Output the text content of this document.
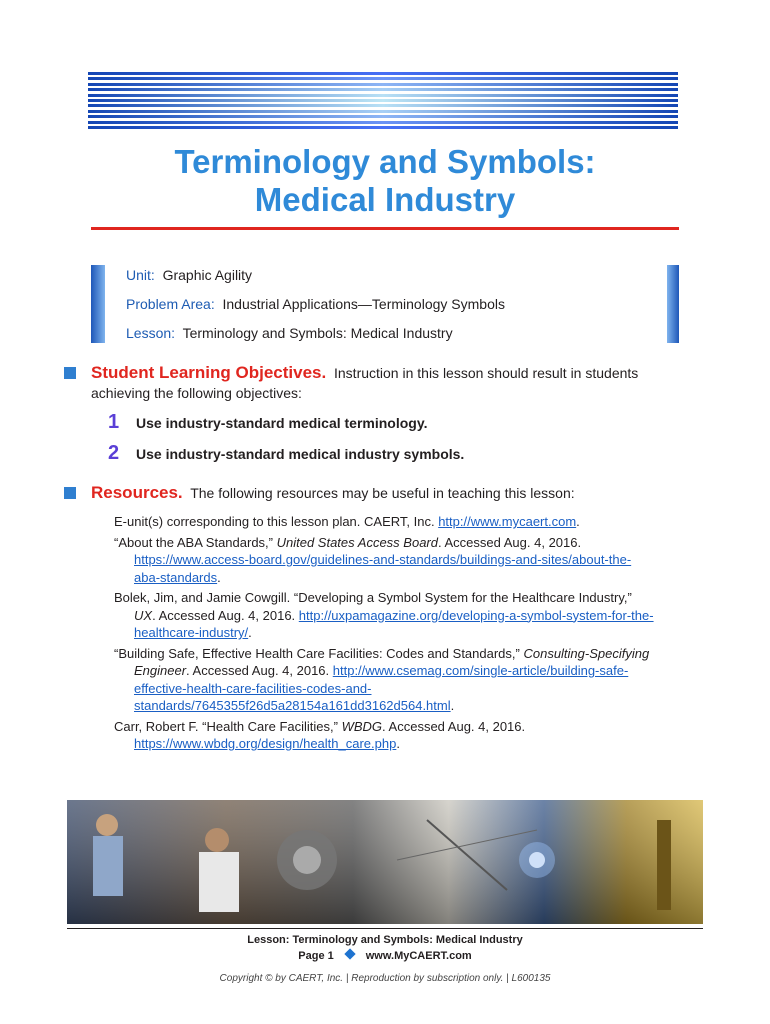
Terminology and Symbols:
Medical Industry
Unit: Graphic Agility
Problem Area: Industrial Applications—Terminology Symbols
Lesson: Terminology and Symbols: Medical Industry
Student Learning Objectives. Instruction in this lesson should result in students
achieving the following objectives:
1 Use industry-standard medical terminology.
2 Use industry-standard medical industry symbols.
Resources. The following resources may be useful in teaching this lesson:
E-unit(s) corresponding to this lesson plan. CAERT, Inc. http://www.mycaert.com.
“About the ABA Standards,” United States Access Board. Accessed Aug. 4, 2016. https://www.access-board.gov/guidelines-and-standards/buildings-and-sites/about-the-aba-standards.
Bolek, Jim, and Jamie Cowgill. “Developing a Symbol System for the Healthcare Industry,” UX. Accessed Aug. 4, 2016. http://uxpamagazine.org/developing-a-symbol-system-for-the-healthcare-industry/.
“Building Safe, Effective Health Care Facilities: Codes and Standards,” Consulting-Specifying Engineer. Accessed Aug. 4, 2016. http://www.csemag.com/single-article/building-safe-effective-health-care-facilities-codes-and-standards/7645355f26d5a28154a161dd3162d564.html.
Carr, Robert F. “Health Care Facilities,” WBDG. Accessed Aug. 4, 2016. https://www.wbdg.org/design/health_care.php.
Lesson: Terminology and Symbols: Medical Industry
Page 1	www.MyCAERT.com
Copyright © by CAERT, Inc. | Reproduction by subscription only. | L600135
